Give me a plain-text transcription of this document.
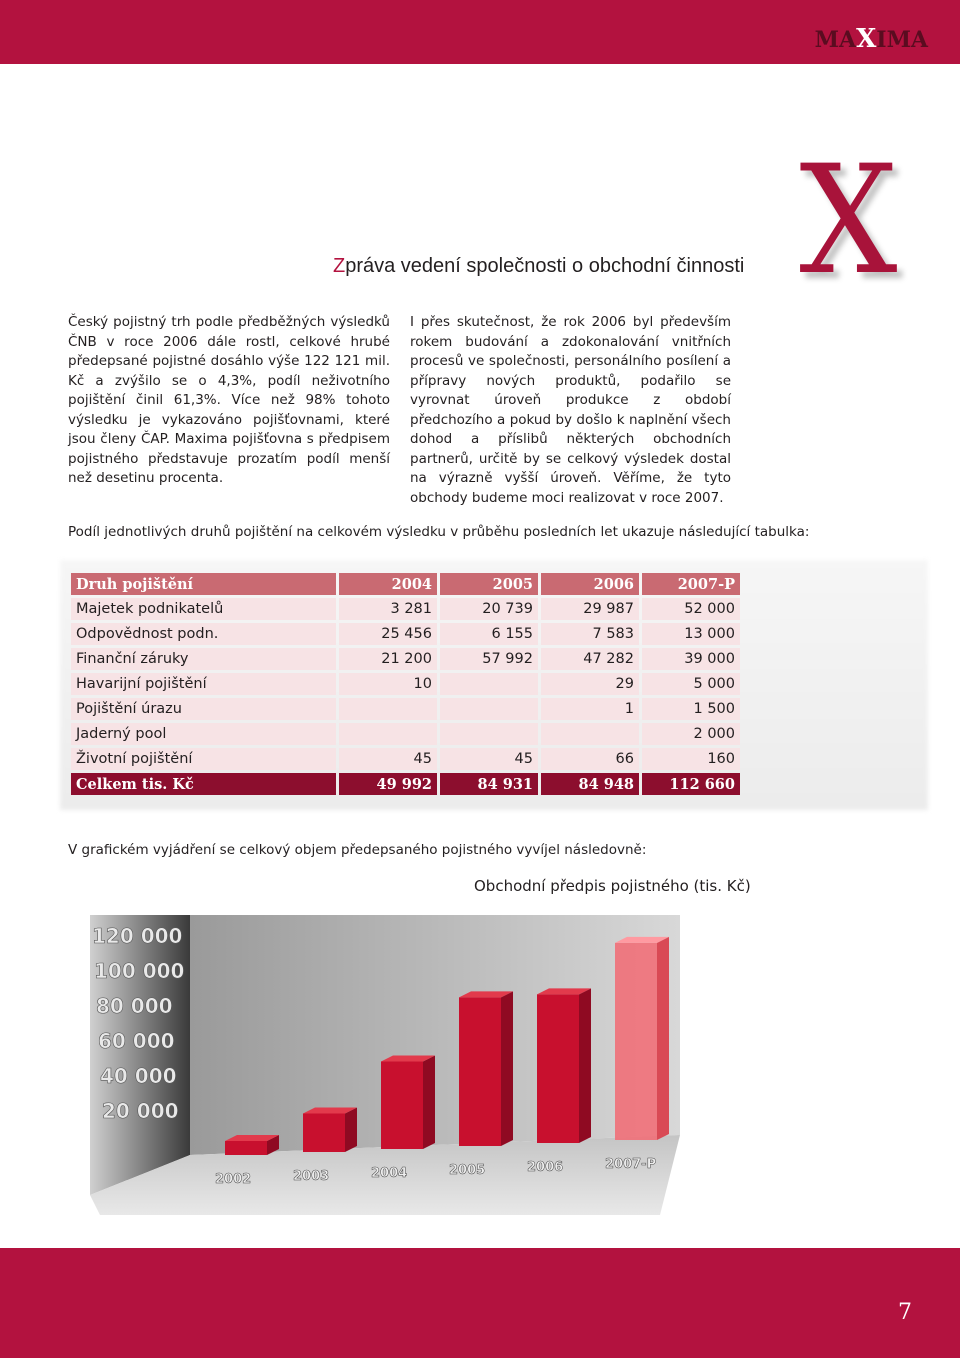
MAXIMA
X
Zpráva vedení společnosti o obchodní činnosti
Český pojistný trh podle předběžných výsledků ČNB v roce 2006 dále rostl, celkové hrubé předepsané pojistné dosáhlo výše 122 121 mil. Kč a zvýšilo se o 4,3%, podíl neživotního pojištění činil 61,3%. Více než 98% tohoto výsledku je vykazováno pojišťovnami, které jsou členy ČAP. Maxima pojišťovna s předpisem pojistného představuje prozatím podíl menší než desetinu procenta.
I přes skutečnost, že rok 2006 byl především rokem budování a zdokonalování vnitřních procesů ve společnosti, personálního posílení a přípravy nových produktů, podařilo se vyrovnat úroveň produkce z období předchozího a pokud by došlo k naplnění všech dohod a příslibů některých obchodních partnerů, určitě by se celkový výsledek dostal na výrazně vyšší úroveň. Věříme, že tyto obchody budeme moci realizovat v roce 2007.
Podíl jednotlivých druhů pojištění na celkovém výsledku v průběhu posledních let ukazuje následující tabulka:
Druh pojištění	2004	2005	2006	2007-P
Majetek podnikatelů	3 281	20 739	29 987	52 000
Odpovědnost podn.	25 456	6 155	7 583	13 000
Finanční záruky	21 200	57 992	47 282	39 000
Havarijní pojištění	10		29	5 000
Pojištění úrazu			1	1 500
Jaderný pool				2 000
Životní pojištění	45	45	66	160
Celkem tis. Kč	49 992	84 931	84 948	112 660
V grafickém vyjádření se celkový objem předepsaného pojistného vyvíjel následovně:
Obchodní předpis pojistného (tis. Kč)
20 000
40 000
60 000
80 000
100 000
120 000
2002	2003	2004	2005	2006	2007-P
7
